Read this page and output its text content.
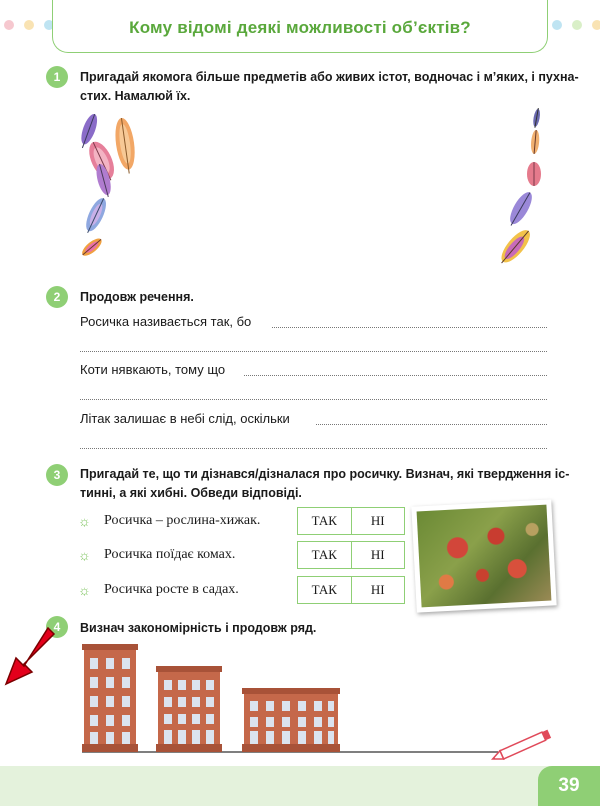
Кому відомі деякі можливості об’єктів?
1	Пригадай якомога більше предметів або живих істот, водночас і м’яких, і пухна-
стих. Намалюй їх.
2	Продовж речення.
Росичка називається так, бо
Коти нявкають, тому що
Літак залишає в небі слід, оскільки
3	Пригадай те, що ти дізнався/дізналася про росичку. Визнач, які твердження іс-
тинні, а які хибні. Обведи відповіді.
☼ Росичка – рослина-хижак.	ТАК	НІ
☼ Росичка поїдає комах.	ТАК	НІ
☼ Росичка росте в садах.	ТАК	НІ
4	Визнач закономірність і продовж ряд.
39
